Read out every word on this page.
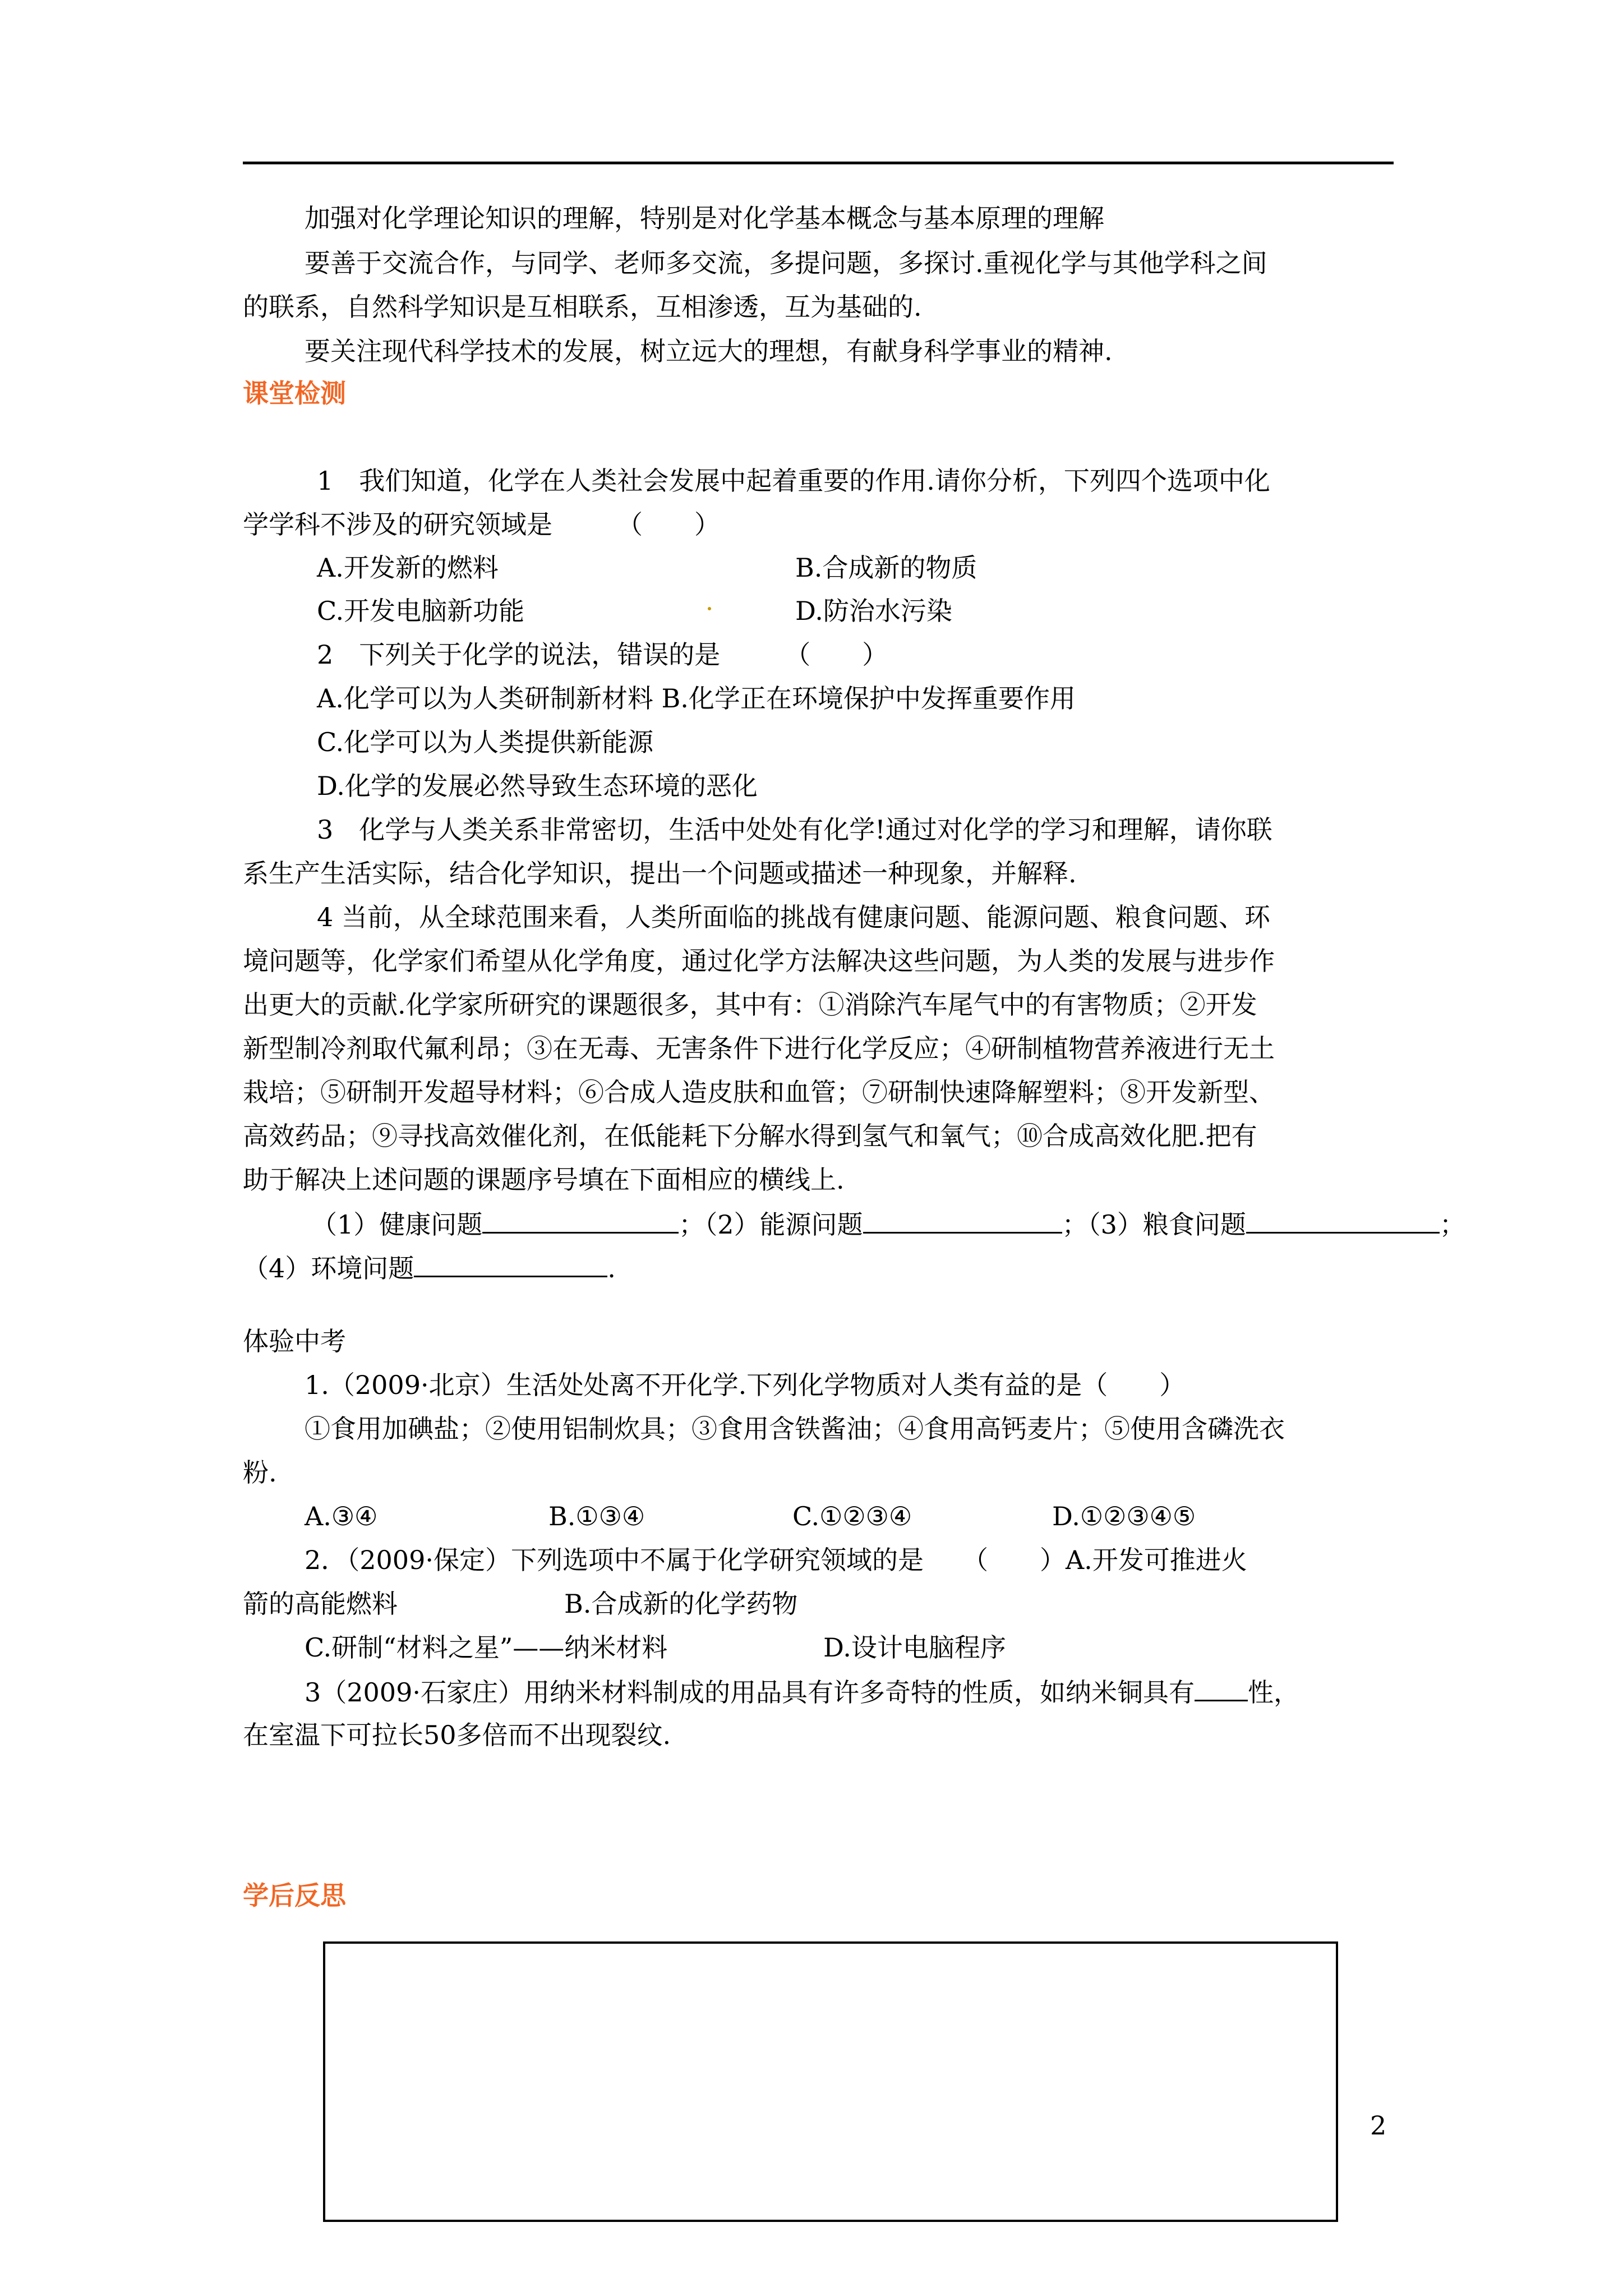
加强对化学理论知识的理解，特别是对化学基本概念与基本原理的理解
要善于交流合作，与同学、老师多交流，多提问题，多探讨.重视化学与其他学科之间
的联系，自然科学知识是互相联系，互相渗透，互为基础的.
要关注现代科学技术的发展，树立远大的理想，有献身科学事业的精神.
课堂检测
1　我们知道，化学在人类社会发展中起着重要的作用.请你分析，下列四个选项中化
学学科不涉及的研究领域是　　　（　　）
A.开发新的燃料	B.合成新的物质
C.开发电脑新功能	D.防治水污染
2　下列关于化学的说法，错误的是　　　（　　）
A.化学可以为人类研制新材料 B.化学正在环境保护中发挥重要作用
C.化学可以为人类提供新能源
D.化学的发展必然导致生态环境的恶化
3　化学与人类关系非常密切，生活中处处有化学!通过对化学的学习和理解，请你联
系生产生活实际，结合化学知识，提出一个问题或描述一种现象，并解释.
4 当前，从全球范围来看，人类所面临的挑战有健康问题、能源问题、粮食问题、环
境问题等，化学家们希望从化学角度，通过化学方法解决这些问题，为人类的发展与进步作
出更大的贡献.化学家所研究的课题很多，其中有：①消除汽车尾气中的有害物质；②开发
新型制冷剂取代氟利昂；③在无毒、无害条件下进行化学反应；④研制植物营养液进行无土
栽培；⑤研制开发超导材料；⑥合成人造皮肤和血管；⑦研制快速降解塑料；⑧开发新型、
高效药品；⑨寻找高效催化剂，在低能耗下分解水得到氢气和氧气；⑩合成高效化肥.把有
助于解决上述问题的课题序号填在下面相应的横线上.
（1）健康问题	；（2）能源问题	；（3）粮食问题	；
（4）环境问题	.
体验中考
1.（2009·北京）生活处处离不开化学.下列化学物质对人类有益的是（　　）
①食用加碘盐；②使用铝制炊具；③食用含铁酱油；④食用高钙麦片；⑤使用含磷洗衣
粉.
A.③④	B.①③④	C.①②③④	D.①②③④⑤
2．（2009·保定）下列选项中不属于化学研究领域的是　　（　　）A.开发可推进火
箭的高能燃料	B.合成新的化学药物
C.研制“材料之星”——纳米材料	D.设计电脑程序
3（2009·石家庄）用纳米材料制成的用品具有许多奇特的性质，如纳米铜具有 性，
在室温下可拉长50多倍而不出现裂纹.
学后反思
2
